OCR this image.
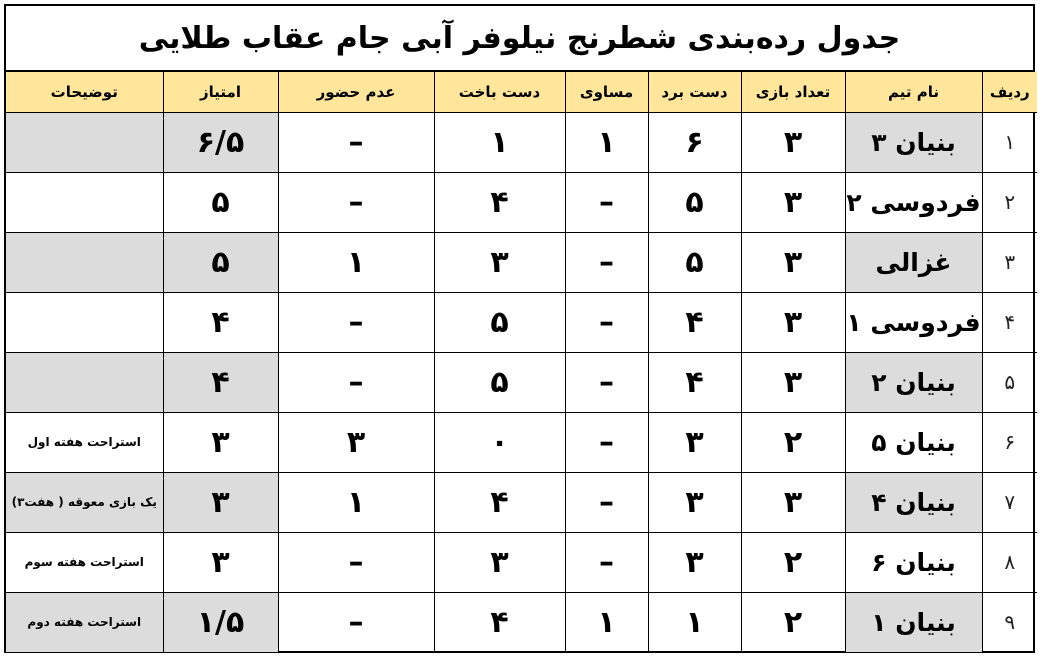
جدول رده‌بندی شطرنج نیلوفر آبی جام عقاب طلایی
ردیف	نام تیم	تعداد بازی	دست برد	مساوی	دست باخت	عدم حضور	امتیاز	توضیحات
۱	بنیان ۳	۳	۶	۱	۱	–	۶/۵	
۲	فردوسی ۲	۳	۵	–	۴	–	۵	
۳	غزالی	۳	۵	–	۳	۱	۵	
۴	فردوسی ۱	۳	۴	–	۵	–	۴	
۵	بنیان ۲	۳	۴	–	۵	–	۴	
۶	بنیان ۵	۲	۳	–	۰	۳	۳	استراحت هفته اول
۷	بنیان ۴	۳	۳	–	۴	۱	۳	یک بازی معوقه ( هفت۳)
۸	بنیان ۶	۲	۳	–	۳	–	۳	استراحت هفته سوم
۹	بنیان ۱	۲	۱	۱	۴	–	۱/۵	استراحت هفته دوم
